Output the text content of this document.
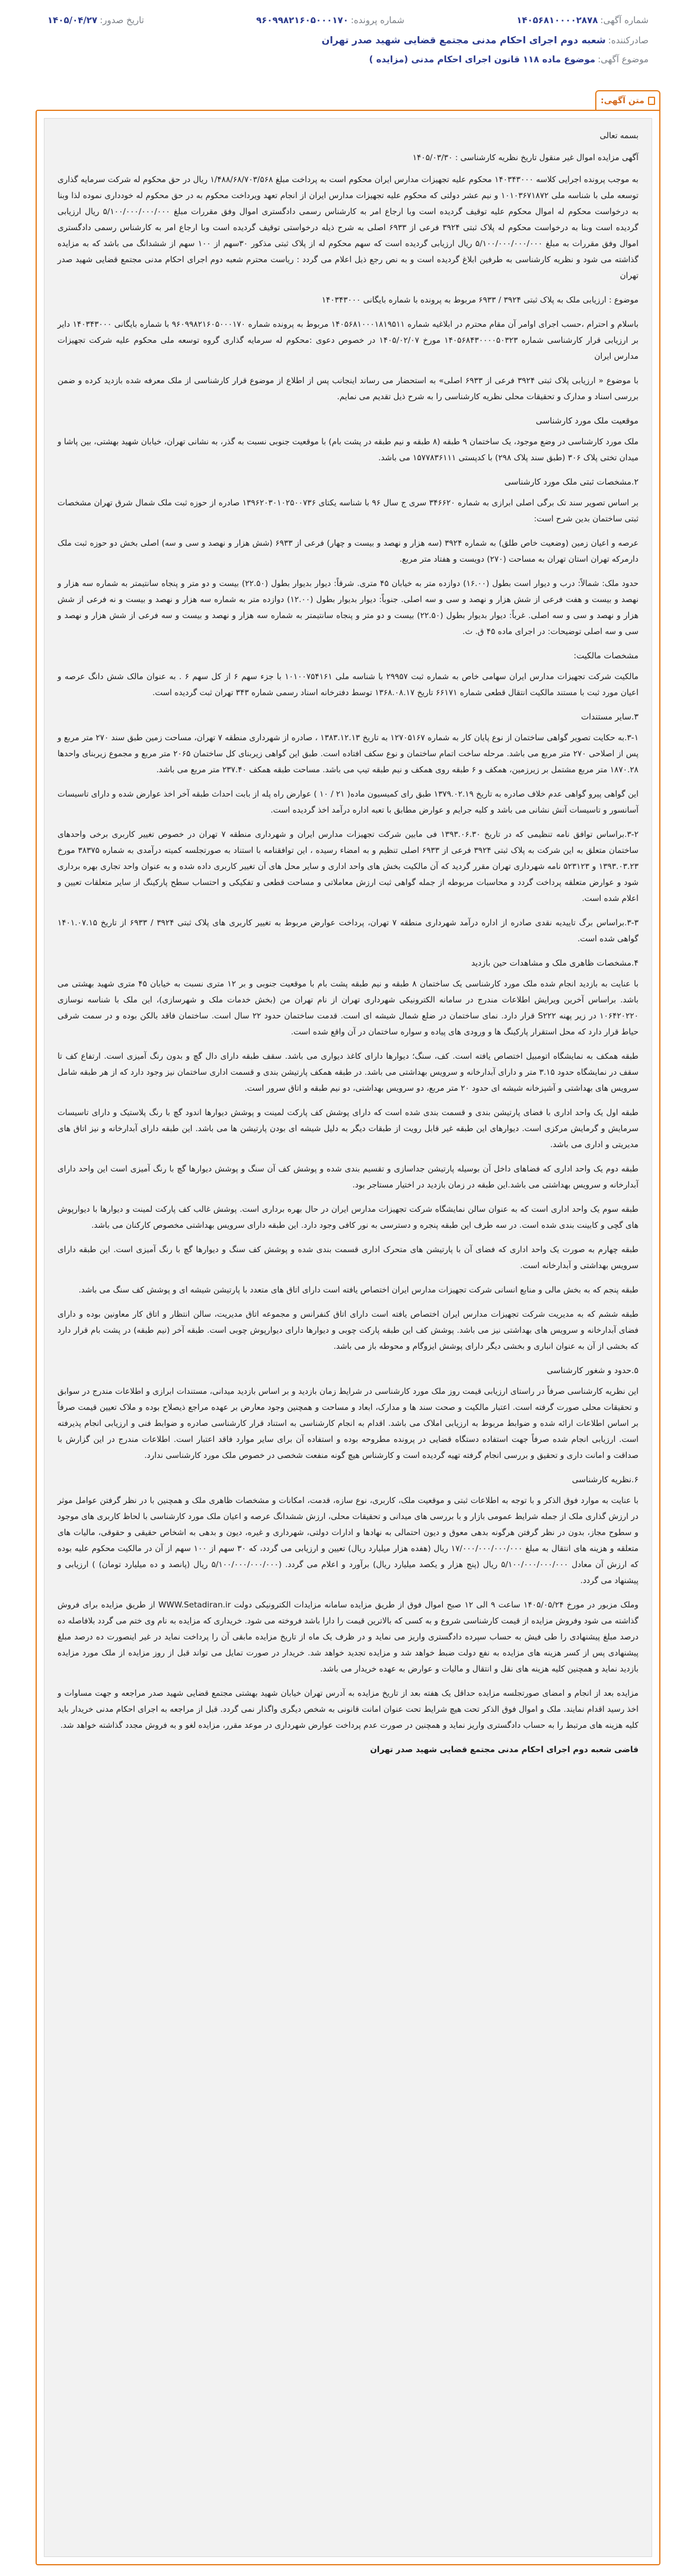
شماره آگهی:۱۴۰۵۶۸۱۰۰۰۰۲۸۷۸
شماره پرونده:۹۶۰۹۹۸۲۱۶۰۵۰۰۰۱۷۰
تاریخ صدور:۱۴۰۵/۰۴/۲۷
صادرکننده:شعبه دوم اجرای احکام مدنی مجتمع قضایی شهید صدر تهران
موضوع آگهی:موضوع ماده ۱۱۸ قانون اجرای احکام مدنی (مزایده )
متن آگهی:

بسمه تعالی

آگهی مزایده اموال غیر منقول تاریخ نظریه کارشناسی : ۱۴۰۵/۰۳/۳۰

به موجب پرونده اجرایی کلاسه ۱۴۰۳۴۳۰۰۰ محکوم علیه تجهیزات مدارس ایران محکوم است به پرداخت مبلغ ۱/۴۸۸/۶۸/۷۰۳/۵۶۸ ریال در حق محکوم له شرکت سرمایه گذاری توسعه ملی با شناسه ملی ۱۰۱۰۳۶۷۱۸۷۲ و نیم عشر دولتی که محکوم علیه تجهیزات مدارس ایران از انجام تعهد ویرداخت محکوم به در حق محکوم له خودداری نموده لذا وبنا به درخواست محکوم له اموال محکوم علیه توقیف گردیده است وبا ارجاع امر به کارشناس رسمی دادگستری اموال وفق مقررات مبلغ ۵/۱۰۰/۰۰۰/۰۰۰/۰۰۰ ریال ارزیابی گردیده است وبنا به درخواست محکوم له پلاک ثبتی ۳۹۲۴ فرعی از ۶۹۳۳ اصلی به شرح ذیله درخواستی توقیف گردیده است وبا ارجاع امر به کارشناس رسمی دادگستری اموال وفق مقررات به مبلغ ۵/۱۰۰/۰۰۰/۰۰۰/۰۰۰ ریال ارزیابی گردیده است که سهم محکوم له از پلاک ثبتی مذکور ۳۰سهم از ۱۰۰ سهم از ششدانگ می باشد که به مزایده گذاشته می شود و نظریه کارشناسی به طرفین ابلاغ گردیده است و به نص رجع ذیل اعلام می گردد : ریاست محترم شعبه دوم اجرای احکام مدنی مجتمع قضایی شهید صدر تهران

موضوع : ارزیابی ملک به پلاک ثبتی ۳۹۲۴ / ۶۹۳۳ مربوط به پرونده با شماره بایگانی ۱۴۰۳۴۳۰۰۰

باسلام و احترام ،حسب اجرای اوامر آن مقام محترم در ابلاغیه شماره ۱۴۰۵۶۸۱۰۰۰۱۸۱۹۵۱۱ مربوط به پرونده شماره ۹۶۰۹۹۸۲۱۶۰۵۰۰۰۱۷۰ با شماره بایگانی ۱۴۰۳۴۳۰۰۰ دایر بر ارزیابی قرار کارشناسی شماره ۱۴۰۵۶۸۴۳۰۰۰۰۵۰۳۲۳ مورخ ۱۴۰۵/۰۲/۰۷ در خصوص دعوی :محکوم له سرمایه گذاری گروه توسعه ملی محکوم علیه شرکت تجهیزات مدارس ایران

با موضوع « ارزیابی پلاک ثبتی ۳۹۲۴ فرعی از ۶۹۳۳ اصلی» به استحضار می رساند اینجانب پس از اطلاع از موضوع قرار کارشناسی از ملک معرفه شده بازدید کرده و ضمن بررسی اسناد و مدارک و تحقیقات محلی نظریه کارشناسی را به شرح ذیل تقدیم می نمایم.

موقعیت ملک مورد کارشناسی

ملک مورد کارشناسی در وضع موجود، یک ساختمان ۹ طبقه (۸ طبقه و نیم طبقه در پشت بام) با موقعیت جنوبی نسبت به گذر، به نشانی تهران، خیابان شهید بهشتی، بین پاشا و میدان تختی پلاک ۳۰۶ (طبق سند پلاک ۲۹۸) با کدپستی ۱۵۷۷۸۳۶۱۱۱ می باشد.

۲.مشخصات ثبتی ملک مورد کارشناسی

بر اساس تصویر سند تک برگی اصلی ابرازی به شماره ۳۴۶۶۲۰ سری ج سال ۹۶ با شناسه یکتای ۱۳۹۶۲۰۳۰۱۰۲۵۰۰۷۳۶ صادره از حوزه ثبت ملک شمال شرق تهران مشخصات ثبتی ساختمان بدین شرح است:

عرصه و اعیان زمین (وضعیت خاص طلق) به شماره ۳۹۲۴ (سه هزار و نهصد و بیست و چهار) فرعی از ۶۹۳۳ (شش هزار و نهصد و سی و سه) اصلی بخش دو حوزه ثبت ملک دارمرکه تهران استان تهران به مساحت (۲۷۰) دویست و هفتاد متر مربع.

حدود ملک: شمالاً: درب و دیوار است بطول (۱۶.۰۰) دوازده متر به خیابان ۴۵ متری. شرقاً: دیوار بدیوار بطول (۲۲.۵۰) بیست و دو متر و پنجاه سانتیمتر به شماره سه هزار و نهصد و بیست و هفت فرعی از شش هزار و نهصد و سی و سه اصلی. جنوباً: دیوار بدیوار بطول (۱۲.۰۰) دوازده متر به شماره سه هزار و نهصد و بیست و نه فرعی از شش هزار و نهصد و سی و سه اصلی. غرباً: دیوار بدیوار بطول (۲۲.۵۰) بیست و دو متر و پنجاه سانتیمتر به شماره سه هزار و نهصد و بیست و سه فرعی از شش هزار و نهصد و سی و سه اصلی توضیحات: در اجرای ماده ۴۵ ق. ث.

مشخصات مالکیت:

مالکیت شرکت تجهیزات مدارس ایران سهامی خاص به شماره ثبت ۲۹۹۵۷ با شناسه ملی ۱۰۱۰۰۷۵۴۱۶۱ با جزء سهم ۶ از کل سهم ۶ . به عنوان مالک شش دانگ عرصه و اعیان مورد ثبت با مستند مالکیت انتقال قطعی شماره ۶۶۱۷۱ تاریخ ۱۳۶۸.۰۸.۱۷ توسط دفترخانه اسناد رسمی شماره ۳۴۳ تهران ثبت گردیده است.

۳.سایر مستندات

۳-۱.به حکایت تصویر گواهی ساختمان از نوع پایان کار به شماره ۱۲۷۰۵۱۶۷ به تاریخ ۱۳۸۳.۱۲.۱۳ ، صادره از شهرداری منطقه ۷ تهران، مساحت زمین طبق سند ۲۷۰ متر مربع و پس از اصلاحی ۲۷۰ متر مربع می باشد. مرحله ساخت اتمام ساختمان و نوع سکف افتاده است. طبق این گواهی زیربنای کل ساختمان ۲۰۶۵ متر مربع و مجموع زیربنای واحدها ۱۸۷۰.۲۸ متر مربع مشتمل بر زیرزمین، همکف و ۶ طبقه روی همکف و نیم طبقه تیپ می باشد. مساحت طبقه همکف ۲۳۷.۴۰ متر مربع می باشد.

این گواهی پیرو گواهی عدم خلاف صادره به تاریخ ۱۳۷۹.۰۲.۱۹ طبق رای کمیسیون ماده( ۲۱ / ۱۰ ) عوارض راه پله از بابت احداث طبقه آخر اخذ عوارض شده و دارای تاسیسات آسانسور و تاسیسات آتش نشانی می باشد و کلیه جرایم و عوارض مطابق با تعبه اداره درآمد اخذ گردیده است.

۳-۲.براساس توافق نامه تنظیمی که در تاریخ ۱۳۹۳.۰۶.۳۰ فی مابین شرکت تجهیزات مدارس ایران و شهرداری منطقه ۷ تهران در خصوص تغییر کاربری برخی واحدهای ساختمان متعلق به این شرکت به پلاک ثبتی ۳۹۲۴ فرعی از ۶۹۳۳ اصلی تنظیم و به امضاء رسیده ، این توافقنامه با استناد به صورتجلسه کمیته درآمدی به شماره ۳۸۳۷۵ مورخ ۱۳۹۳.۰۳.۲۳ و ۵۲۳۱۲۳ نامه شهرداری تهران مقرر گردید که آن مالکیت بخش های واحد اداری و سایر محل های آن تغییر کاربری داده شده و به عنوان واحد تجاری بهره برداری شود و عوارض متعلقه پرداخت گردد و محاسبات مربوطه از جمله گواهی ثبت ارزش معاملاتی و مساحت قطعی و تفکیکی و احتساب سطح پارکینگ از سایر متعلقات تعیین و اعلام شده است.

۳-۳.براساس برگ تاییدیه نقدی صادره از اداره درآمد شهرداری منطقه ۷ تهران، پرداخت عوارض مربوط به تغییر کاربری های پلاک ثبتی ۳۹۲۴ / ۶۹۳۳ از تاریخ ۱۴۰۱.۰۷.۱۵ گواهی شده است.

۴.مشخصات ظاهری ملک و مشاهدات حین بازدید

با عنایت به بازدید انجام شده ملک مورد کارشناسی یک ساختمان ۸ طبقه و نیم طبقه پشت بام با موقعیت جنوبی و بر ۱۲ متری نسبت به خیابان ۴۵ متری شهید بهشتی می باشد. براساس آخرین ویرایش اطلاعات مندرج در سامانه الکترونیکی شهرداری تهران از نام تهران من (بخش خدمات ملک و شهرسازی)، این ملک با شناسه نوسازی ۱۰۶۴۲۰۲۲۰ در زیر پهنه S۲۲۲ قرار دارد. نمای ساختمان در ضلع شمال شیشه ای است. قدمت ساختمان حدود ۲۲ سال است. ساختمان فاقد بالکن بوده و در سمت شرقی حیاط قرار دارد که محل استقرار پارکینگ ها و ورودی های پیاده و سواره ساختمان در آن واقع شده است.

طبقه همکف به نمایشگاه اتومبیل اختصاص یافته است. کف، سنگ؛ دیوارها دارای کاغذ دیواری می باشد. سقف طبقه دارای دال گچ و بدون رنگ آمیزی است. ارتفاع کف تا سقف در نمایشگاه حدود ۳.۱۵ متر و دارای آبدارخانه و سرویس بهداشتی می باشد. در طبقه همکف پارتیشن بندی و قسمت اداری ساختمان نیز وجود دارد که از هر طبقه شامل سرویس های بهداشتی و آشپزخانه شیشه ای حدود ۲۰ متر مربع، دو سرویس بهداشتی، دو نیم طبقه و اتاق سرور است.

طبقه اول یک واحد اداری با فضای پارتیشن بندی و قسمت بندی شده است که دارای پوشش کف پارکت لمینت و پوشش دیوارها اندود گچ با رنگ پلاستیک و دارای تاسیسات سرمایش و گرمایش مرکزی است. دیوارهای این طبقه غیر قابل رویت از طبقات دیگر به دلیل شیشه ای بودن پارتیشن ها می باشد. این طبقه دارای آبدارخانه و نیز اتاق های مدیریتی و اداری می باشد.

طبقه دوم یک واحد اداری که فضاهای داخل آن بوسیله پارتیشن جداسازی و تقسیم بندی شده و پوشش کف آن سنگ و پوشش دیوارها گچ با رنگ آمیزی است این واحد دارای آبدارخانه و سرویس بهداشتی می باشد.این طبقه در زمان بازدید در اختیار مستاجر بود.

طبقه سوم یک واحد اداری است که به عنوان سالن نمایشگاه شرکت تجهیزات مدارس ایران در حال بهره برداری است. پوشش غالب کف پارکت لمینت و دیوارها با دیوارپوش های گچی و کابینت بندی شده است. در سه طرف این طبقه پنجره و دسترسی به نور کافی وجود دارد. این طبقه دارای سرویس بهداشتی مخصوص کارکنان می باشد.

طبقه چهارم به صورت یک واحد اداری که فضای آن با پارتیشن های متحرک اداری قسمت بندی شده و پوشش کف سنگ و دیوارها گچ با رنگ آمیزی است. این طبقه دارای سرویس بهداشتی و آبدارخانه است.

طبقه پنجم که به بخش مالی و منابع انسانی شرکت تجهیزات مدارس ایران اختصاص یافته است دارای اتاق های متعدد با پارتیشن شیشه ای و پوشش کف سنگ می باشد.

طبقه ششم که به مدیریت شرکت تجهیزات مدارس ایران اختصاص یافته است دارای اتاق کنفرانس و مجموعه اتاق مدیریت، سالن انتظار و اتاق کار معاونین بوده و دارای فضای آبدارخانه و سرویس های بهداشتی نیز می باشد. پوشش کف این طبقه پارکت چوبی و دیوارها دارای دیوارپوش چوبی است. طبقه آخر (نیم طبقه) در پشت بام قرار دارد که بخشی از آن به عنوان انباری و بخشی دیگر دارای پوشش ایزوگام و محوطه باز می باشد.

۵.حدود و شغور کارشناسی

این نظریه کارشناسی صرفاً در راستای ارزیابی قیمت روز ملک مورد کارشناسی در شرایط زمان بازدید و بر اساس بازدید میدانی، مستندات ابرازی و اطلاعات مندرج در سوابق و تحقیقات محلی صورت گرفته است. اعتبار مالکیت و صحت سند ها و مدارک، ابعاد و مساحت و همچنین وجود معارض بر عهده مراجع ذیصلاح بوده و ملاک تعیین قیمت صرفاً بر اساس اطلاعات ارائه شده و ضوابط مربوط به ارزیابی املاک می باشد. اقدام به انجام کارشناسی به استناد قرار کارشناسی صادره و ضوابط فنی و ارزیابی انجام پذیرفته است. ارزیابی انجام شده صرفاً جهت استفاده دستگاه قضایی در پرونده مطروحه بوده و استفاده آن برای سایر موارد فاقد اعتبار است. اطلاعات مندرج در این گزارش با صداقت و امانت داری و تحقیق و بررسی انجام گرفته تهیه گردیده است و کارشناس هیچ گونه منفعت شخصی در خصوص ملک مورد کارشناسی ندارد.

۶.نظریه کارشناسی

با عنایت به موارد فوق الذکر و با توجه به اطلاعات ثبتی و موقعیت ملک، کاربری، نوع سازه، قدمت، امکانات و مشخصات ظاهری ملک و همچنین با در نظر گرفتن عوامل موثر در ارزش گذاری ملک از جمله شرایط عمومی بازار و با بررسی های میدانی و تحقیقات محلی، ارزش ششدانگ عرصه و اعیان ملک مورد کارشناسی با لحاظ کاربری های موجود و سطوح مجاز، بدون در نظر گرفتن هرگونه بدهی معوق و دیون احتمالی به نهادها و ادارات دولتی، شهرداری و غیره، دیون و بدهی به اشخاص حقیقی و حقوقی، مالیات های متعلقه و هزینه های انتقال به مبلغ ۱۷/۰۰۰/۰۰۰/۰۰۰/۰۰۰ ریال (هفده هزار میلیارد ریال) تعیین و ارزیابی می گردد، که ۳۰ سهم از ۱۰۰ سهم از آن در مالکیت محکوم علیه بوده که ارزش آن معادل ۵/۱۰۰/۰۰۰/۰۰۰/۰۰۰ ریال (پنج هزار و یکصد میلیارد ریال) برآورد و اعلام می گردد. (۵/۱۰۰/۰۰۰/۰۰۰/۰۰۰ ریال (پانصد و ده میلیارد تومان) ) ارزیابی و پیشنهاد می گردد.

وملک مزبور در مورخ ۱۴۰۵/۰۵/۲۴ ساعت ۹ الی ۱۲ صبح اموال فوق از طریق مزایده سامانه مزایدات الکترونیکی دولت WWW.Setadiran.ir از طریق مزایده برای فروش گذاشته می شود وفروش مزایده از قیمت کارشناسی شروع و به کسی که بالاترین قیمت را دارا باشد فروخته می شود. خریداری که مزایده به نام وی ختم می گردد بلافاصله ده درصد مبلغ پیشنهادی را طی فیش به حساب سپرده دادگستری واریز می نماید و در ظرف یک ماه از تاریخ مزایده مابقی آن را پرداخت نماید در غیر اینصورت ده درصد مبلغ پیشنهادی پس از کسر هزینه های مزایده به نفع دولت ضبط خواهد شد و مزایده تجدید خواهد شد. خریدار در صورت تمایل می تواند قبل از روز مزایده از ملک مورد مزایده بازدید نماید و همچنین کلیه هزینه های نقل و انتقال و مالیات و عوارض به عهده خریدار می باشد.

مزایده بعد از انجام و امضای صورتجلسه مزایده حداقل یک هفته بعد از تاریخ مزایده به آدرس تهران خیابان شهید بهشتی مجتمع قضایی شهید صدر مراجعه و جهت مساوات و اخذ رسید اقدام نمایند. ملک و اموال فوق الذکر تحت هیچ شرایط تحت عنوان امانت قانونی به شخص دیگری واگذار نمی گردد. قبل از مراجعه به اجرای احکام مدنی خریدار باید کلیه هزینه های مرتبط را به حساب دادگستری واریز نماید و همچنین در صورت عدم پرداخت عوارض شهرداری در موعد مقرر، مزایده لغو و به فروش مجدد گذاشته خواهد شد.

قاضی شعبه دوم اجرای احکام مدنی مجتمع قضایی شهید صدر تهران
